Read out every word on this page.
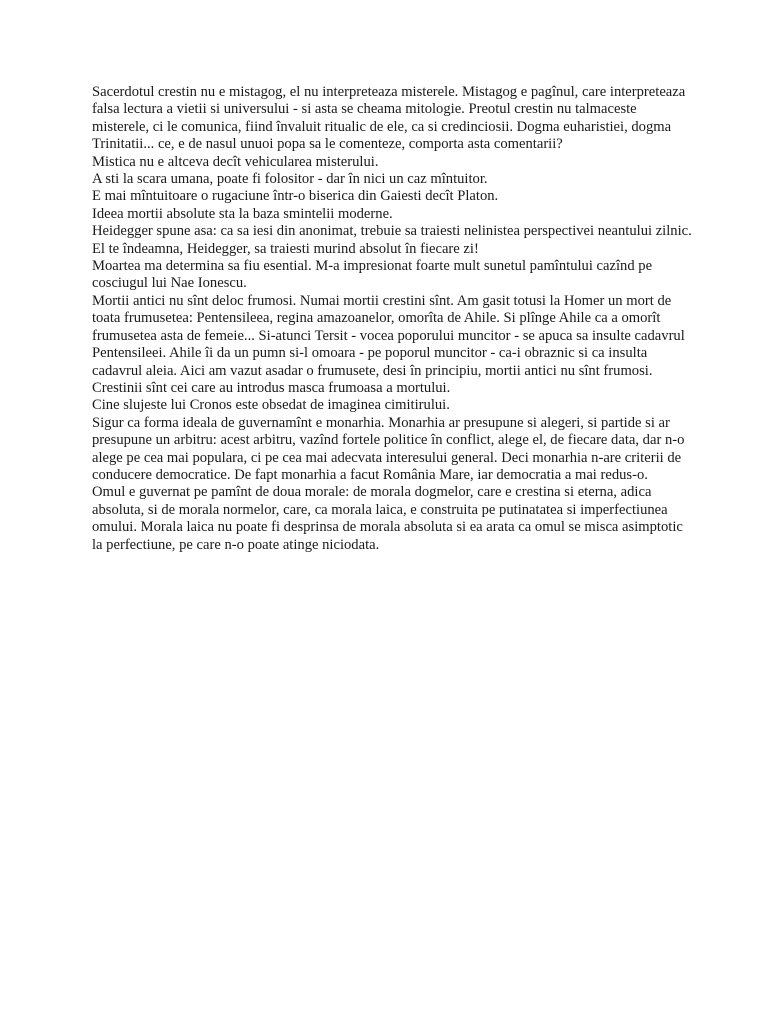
Sacerdotul crestin nu e mistagog, el nu interpreteaza misterele. Mistagog e pagînul, care interpreteaza falsa lectura a vietii si universului - si asta se cheama mitologie. Preotul crestin nu talmaceste misterele, ci le comunica, fiind învaluit ritualic de ele, ca si credinciosii. Dogma euharistiei, dogma Trinitatii... ce, e de nasul unuoi popa sa le comenteze, comporta asta comentarii?

Mistica nu e altceva decît vehicularea misterului.

A sti la scara umana, poate fi folositor - dar în nici un caz mîntuitor.

E mai mîntuitoare o rugaciune într-o biserica din Gaiesti decît Platon.

Ideea mortii absolute sta la baza smintelii moderne.

Heidegger spune asa: ca sa iesi din anonimat, trebuie sa traiesti nelinistea perspectivei neantului zilnic. El te îndeamna, Heidegger, sa traiesti murind absolut în fiecare zi!

Moartea ma determina sa fiu esential. M-a impresionat foarte mult sunetul pamîntului cazînd pe cosciugul lui Nae Ionescu.

Mortii antici nu sînt deloc frumosi. Numai mortii crestini sînt. Am gasit totusi la Homer un mort de toata frumusetea: Pentensileea, regina amazoanelor, omorîta de Ahile. Si plînge Ahile ca a omorît frumusetea asta de femeie... Si-atunci Tersit - vocea poporului muncitor - se apuca sa insulte cadavrul Pentensileei. Ahile îi da un pumn si-l omoara - pe poporul muncitor - ca-i obraznic si ca insulta cadavrul aleia. Aici am vazut asadar o frumusete, desi în principiu, mortii antici nu sînt frumosi. Crestinii sînt cei care au introdus masca frumoasa a mortului.

Cine slujeste lui Cronos este obsedat de imaginea cimitirului.

Sigur ca forma ideala de guvernamînt e monarhia. Monarhia ar presupune si alegeri, si partide si ar presupune un arbitru: acest arbitru, vazînd fortele politice în conflict, alege el, de fiecare data, dar n-o alege pe cea mai populara, ci pe cea mai adecvata interesului general. Deci monarhia n-are criterii de conducere democratice. De fapt monarhia a facut România Mare, iar democratia a mai redus-o.

Omul e guvernat pe pamînt de doua morale: de morala dogmelor, care e crestina si eterna, adica absoluta, si de morala normelor, care, ca morala laica, e construita pe putinatatea si imperfectiunea omului. Morala laica nu poate fi desprinsa de morala absoluta si ea arata ca omul se misca asimptotic la perfectiune, pe care n-o poate atinge niciodata.
